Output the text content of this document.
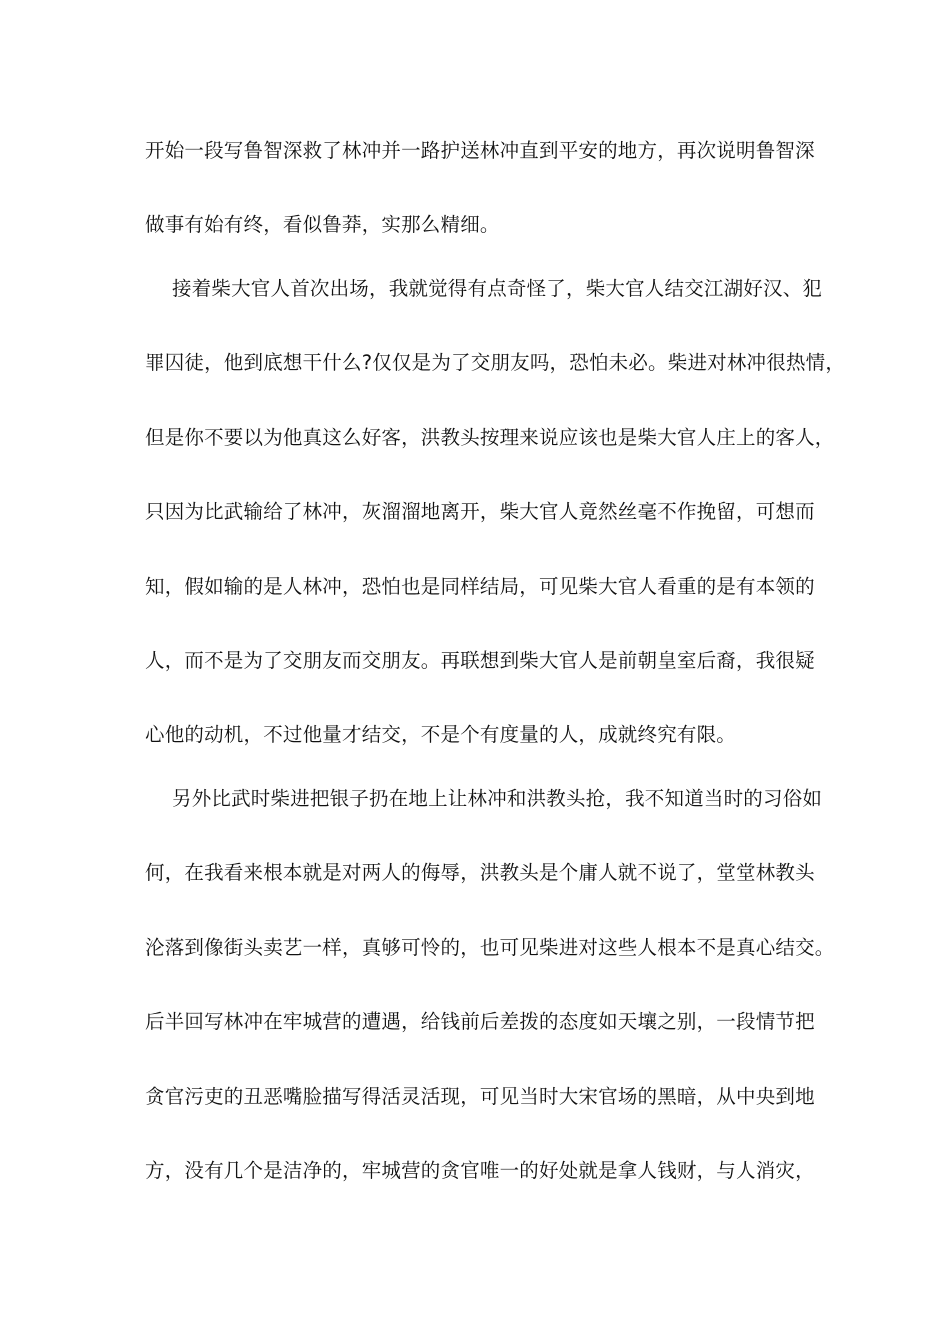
开始一段写鲁智深救了林冲并一路护送林冲直到平安的地方，再次说明鲁智深
做事有始有终，看似鲁莽，实那么精细。
接着柴大官人首次出场，我就觉得有点奇怪了，柴大官人结交江湖好汉、犯
罪囚徒，他到底想干什么?仅仅是为了交朋友吗，恐怕未必。柴进对林冲很热情，
但是你不要以为他真这么好客，洪教头按理来说应该也是柴大官人庄上的客人，
只因为比武输给了林冲，灰溜溜地离开，柴大官人竟然丝毫不作挽留，可想而
知，假如输的是人林冲，恐怕也是同样结局，可见柴大官人看重的是有本领的
人，而不是为了交朋友而交朋友。再联想到柴大官人是前朝皇室后裔，我很疑
心他的动机，不过他量才结交，不是个有度量的人，成就终究有限。
另外比武时柴进把银子扔在地上让林冲和洪教头抢，我不知道当时的习俗如
何，在我看来根本就是对两人的侮辱，洪教头是个庸人就不说了，堂堂林教头
沦落到像街头卖艺一样，真够可怜的，也可见柴进对这些人根本不是真心结交。
后半回写林冲在牢城营的遭遇，给钱前后差拨的态度如天壤之别，一段情节把
贪官污吏的丑恶嘴脸描写得活灵活现，可见当时大宋官场的黑暗，从中央到地
方，没有几个是洁净的，牢城营的贪官唯一的好处就是拿人钱财，与人消灾，
